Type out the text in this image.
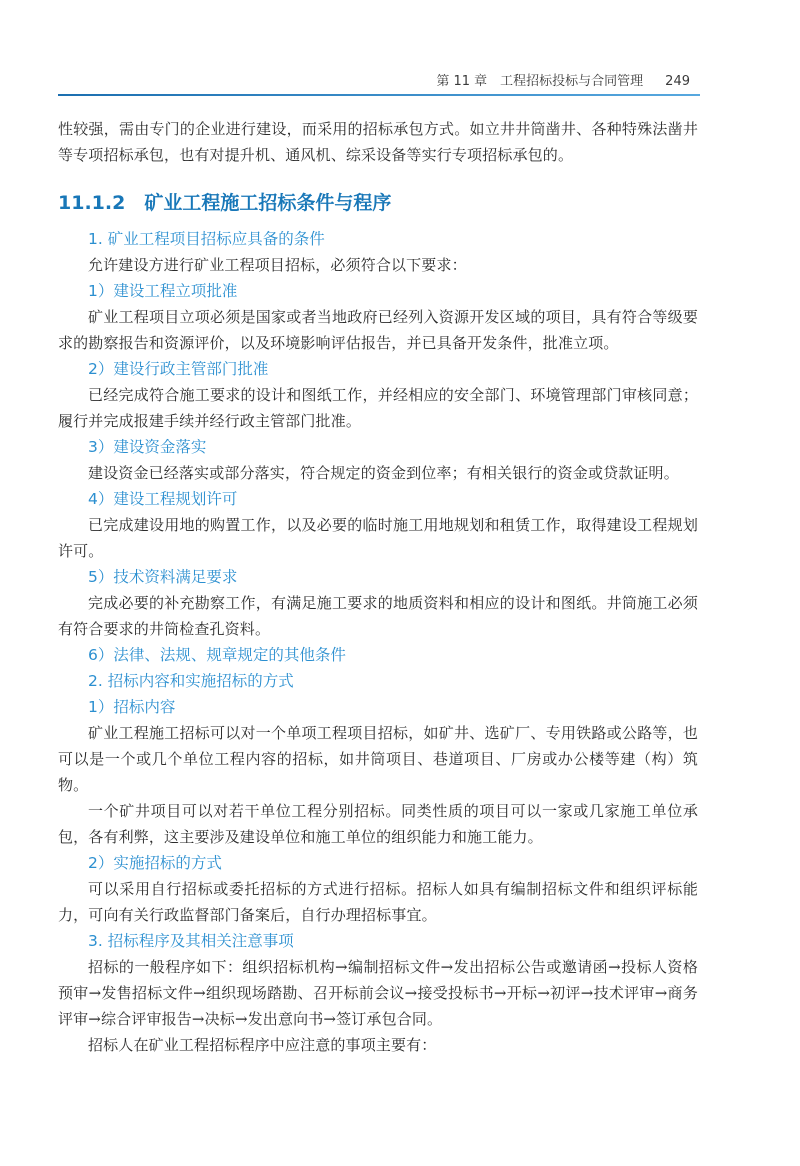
第 11 章　工程招标投标与合同管理 249

性较强，需由专门的企业进行建设，而采用的招标承包方式。如立井井筒凿井、各种特殊法凿井等专项招标承包，也有对提升机、通风机、综采设备等实行专项招标承包的。

11.1.2　矿业工程施工招标条件与程序
1. 矿业工程项目招标应具备的条件

允许建设方进行矿业工程项目招标，必须符合以下要求：

1）建设工程立项批准

矿业工程项目立项必须是国家或者当地政府已经列入资源开发区域的项目，具有符合等级要求的勘察报告和资源评价，以及环境影响评估报告，并已具备开发条件，批准立项。

2）建设行政主管部门批准

已经完成符合施工要求的设计和图纸工作，并经相应的安全部门、环境管理部门审核同意；履行并完成报建手续并经行政主管部门批准。

3）建设资金落实

建设资金已经落实或部分落实，符合规定的资金到位率；有相关银行的资金或贷款证明。

4）建设工程规划许可

已完成建设用地的购置工作，以及必要的临时施工用地规划和租赁工作，取得建设工程规划许可。

5）技术资料满足要求

完成必要的补充勘察工作，有满足施工要求的地质资料和相应的设计和图纸。井筒施工必须有符合要求的井筒检查孔资料。

6）法律、法规、规章规定的其他条件
2. 招标内容和实施招标的方式
1）招标内容

矿业工程施工招标可以对一个单项工程项目招标，如矿井、选矿厂、专用铁路或公路等，也可以是一个或几个单位工程内容的招标，如井筒项目、巷道项目、厂房或办公楼等建（构）筑物。

一个矿井项目可以对若干单位工程分别招标。同类性质的项目可以一家或几家施工单位承包，各有利弊，这主要涉及建设单位和施工单位的组织能力和施工能力。

2）实施招标的方式

可以采用自行招标或委托招标的方式进行招标。招标人如具有编制招标文件和组织评标能力，可向有关行政监督部门备案后，自行办理招标事宜。

3. 招标程序及其相关注意事项

招标的一般程序如下：组织招标机构→编制招标文件→发出招标公告或邀请函→投标人资格预审→发售招标文件→组织现场踏勘、召开标前会议→接受投标书→开标→初评→技术评审→商务评审→综合评审报告→决标→发出意向书→签订承包合同。

招标人在矿业工程招标程序中应注意的事项主要有：
